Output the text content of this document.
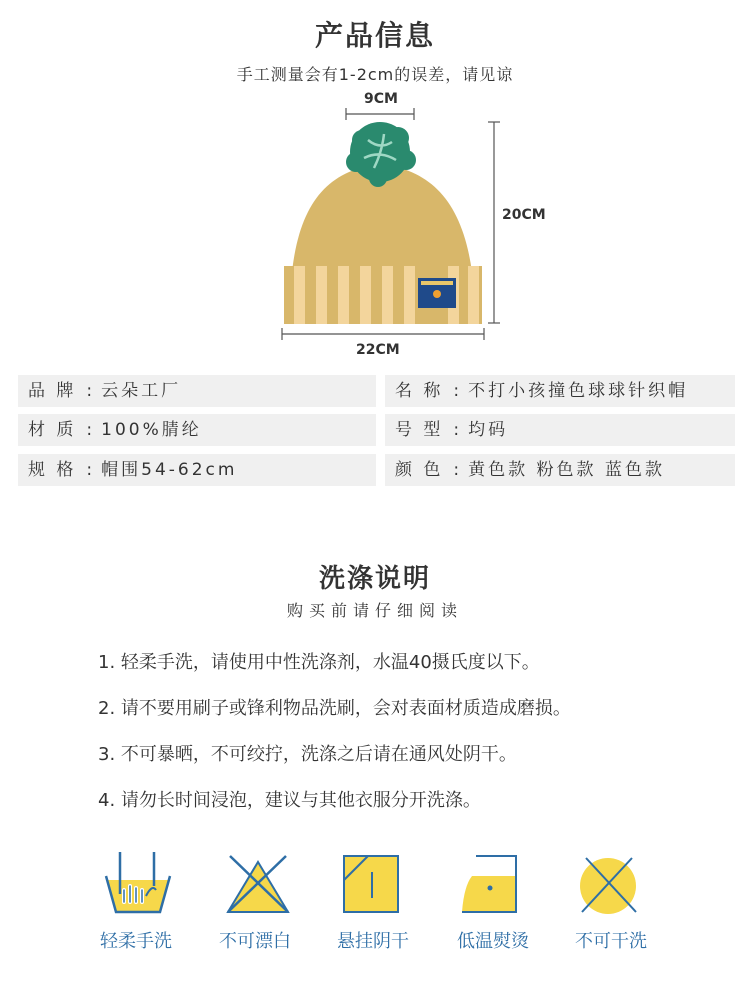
产品信息
手工测量会有1-2cm的误差，请见谅
9CM
20CM
22CM
品 牌 : 云朵工厂	名 称 : 不打小孩撞色球球针织帽
材 质 : 100%腈纶	号 型 : 均码
规 格 : 帽围54-62cm	颜 色 : 黄色款 粉色款 蓝色款
洗涤说明
购买前请仔细阅读
1. 轻柔手洗，请使用中性洗涤剂，水温40摄氏度以下。
2. 请不要用刷子或锋利物品洗刷，会对表面材质造成磨损。
3. 不可暴晒，不可绞拧，洗涤之后请在通风处阴干。
4. 请勿长时间浸泡，建议与其他衣服分开洗涤。
轻柔手洗	不可漂白	悬挂阴干	低温熨烫	不可干洗
